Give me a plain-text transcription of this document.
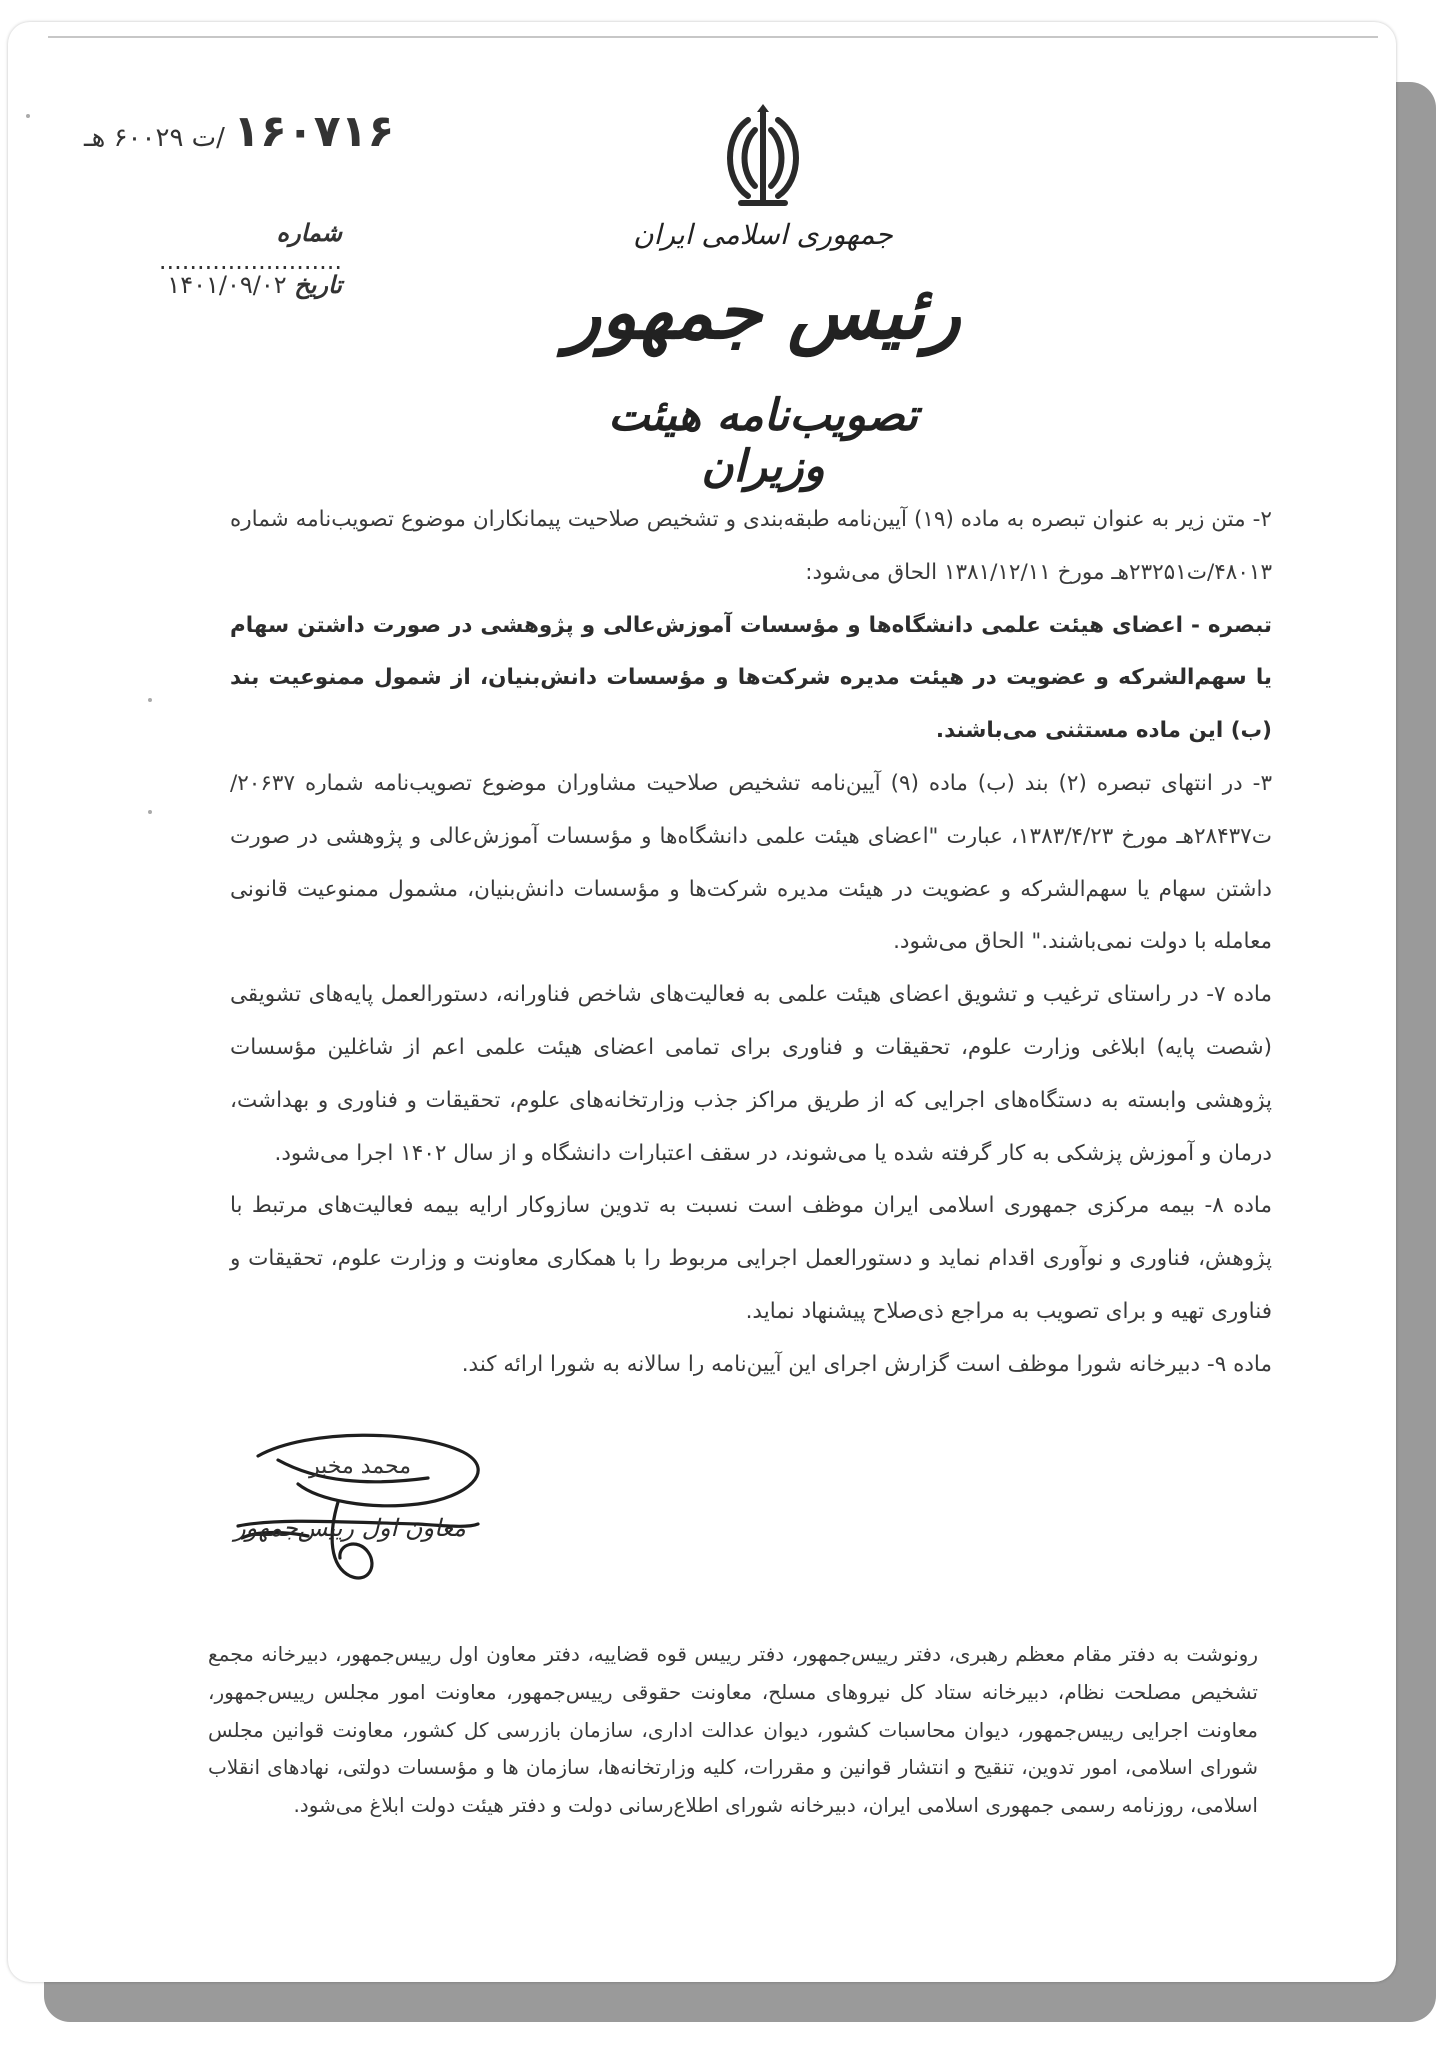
/ت ۶۰۰۲۹ هـ ۱۶۰۷۱۶
شماره ........................
تاریخ ۱۴۰۱/۰۹/۰۲
جمهوری اسلامی ایران
رئیس جمهور
تصویب‌نامه هیئت وزیران

۲- متن زیر به عنوان تبصره به ماده (۱۹) آیین‌نامه طبقه‌بندی و تشخیص صلاحیت پیمانکاران موضوع تصویب‌نامه شماره ۴۸۰۱۳/ت۲۳۲۵۱هـ مورخ ۱۳۸۱/۱۲/۱۱ الحاق می‌شود:

تبصره - اعضای هیئت علمی دانشگاه‌ها و مؤسسات آموزش‌عالی و پژوهشی در صورت داشتن سهام یا سهم‌الشرکه و عضویت در هیئت مدیره شرکت‌ها و مؤسسات دانش‌بنیان، از شمول ممنوعیت بند (ب) این ماده مستثنی می‌باشند.

۳- در انتهای تبصره (۲) بند (ب) ماده (۹) آیین‌نامه تشخیص صلاحیت مشاوران موضوع تصویب‌نامه شماره ۲۰۶۳۷/ت۲۸۴۳۷هـ مورخ ۱۳۸۳/۴/۲۳، عبارت "اعضای هیئت علمی دانشگاه‌ها و مؤسسات آموزش‌عالی و پژوهشی در صورت داشتن سهام یا سهم‌الشرکه و عضویت در هیئت مدیره شرکت‌ها و مؤسسات دانش‌بنیان، مشمول ممنوعیت قانونی معامله با دولت نمی‌باشند." الحاق می‌شود.

ماده ۷- در راستای ترغیب و تشویق اعضای هیئت علمی به فعالیت‌های شاخص فناورانه، دستورالعمل پایه‌های تشویقی (شصت پایه) ابلاغی وزارت علوم، تحقیقات و فناوری برای تمامی اعضای هیئت علمی اعم از شاغلین مؤسسات پژوهشی وابسته به دستگاه‌های اجرایی که از طریق مراکز جذب وزارتخانه‌های علوم، تحقیقات و فناوری و بهداشت، درمان و آموزش پزشکی به کار گرفته شده یا می‌شوند، در سقف اعتبارات دانشگاه و از سال ۱۴۰۲ اجرا می‌شود.

ماده ۸- بیمه مرکزی جمهوری اسلامی ایران موظف است نسبت به تدوین سازوکار ارایه بیمه فعالیت‌های مرتبط با پژوهش، فناوری و نوآوری اقدام نماید و دستورالعمل اجرایی مربوط را با همکاری معاونت و وزارت علوم، تحقیقات و فناوری تهیه و برای تصویب به مراجع ذی‌صلاح پیشنهاد نماید.

ماده ۹- دبیرخانه شورا موظف است گزارش اجرای این آیین‌نامه را سالانه به شورا ارائه کند.

محمد مخبر
معاون اول رییس‌جمهور

رونوشت به دفتر مقام معظم رهبری، دفتر رییس‌جمهور، دفتر رییس قوه قضاییه، دفتر معاون اول رییس‌جمهور، دبیرخانه مجمع تشخیص مصلحت نظام، دبیرخانه ستاد کل نیروهای مسلح، معاونت حقوقی رییس‌جمهور، معاونت امور مجلس رییس‌جمهور، معاونت اجرایی رییس‌جمهور، دیوان محاسبات کشور، دیوان عدالت اداری، سازمان بازرسی کل کشور، معاونت قوانین مجلس شورای اسلامی، امور تدوین، تنقیح و انتشار قوانین و مقررات، کلیه وزارتخانه‌ها، سازمان ها و مؤسسات دولتی، نهادهای انقلاب اسلامی، روزنامه رسمی جمهوری اسلامی ایران، دبیرخانه شورای اطلاع‌رسانی دولت و دفتر هیئت دولت ابلاغ می‌شود.
